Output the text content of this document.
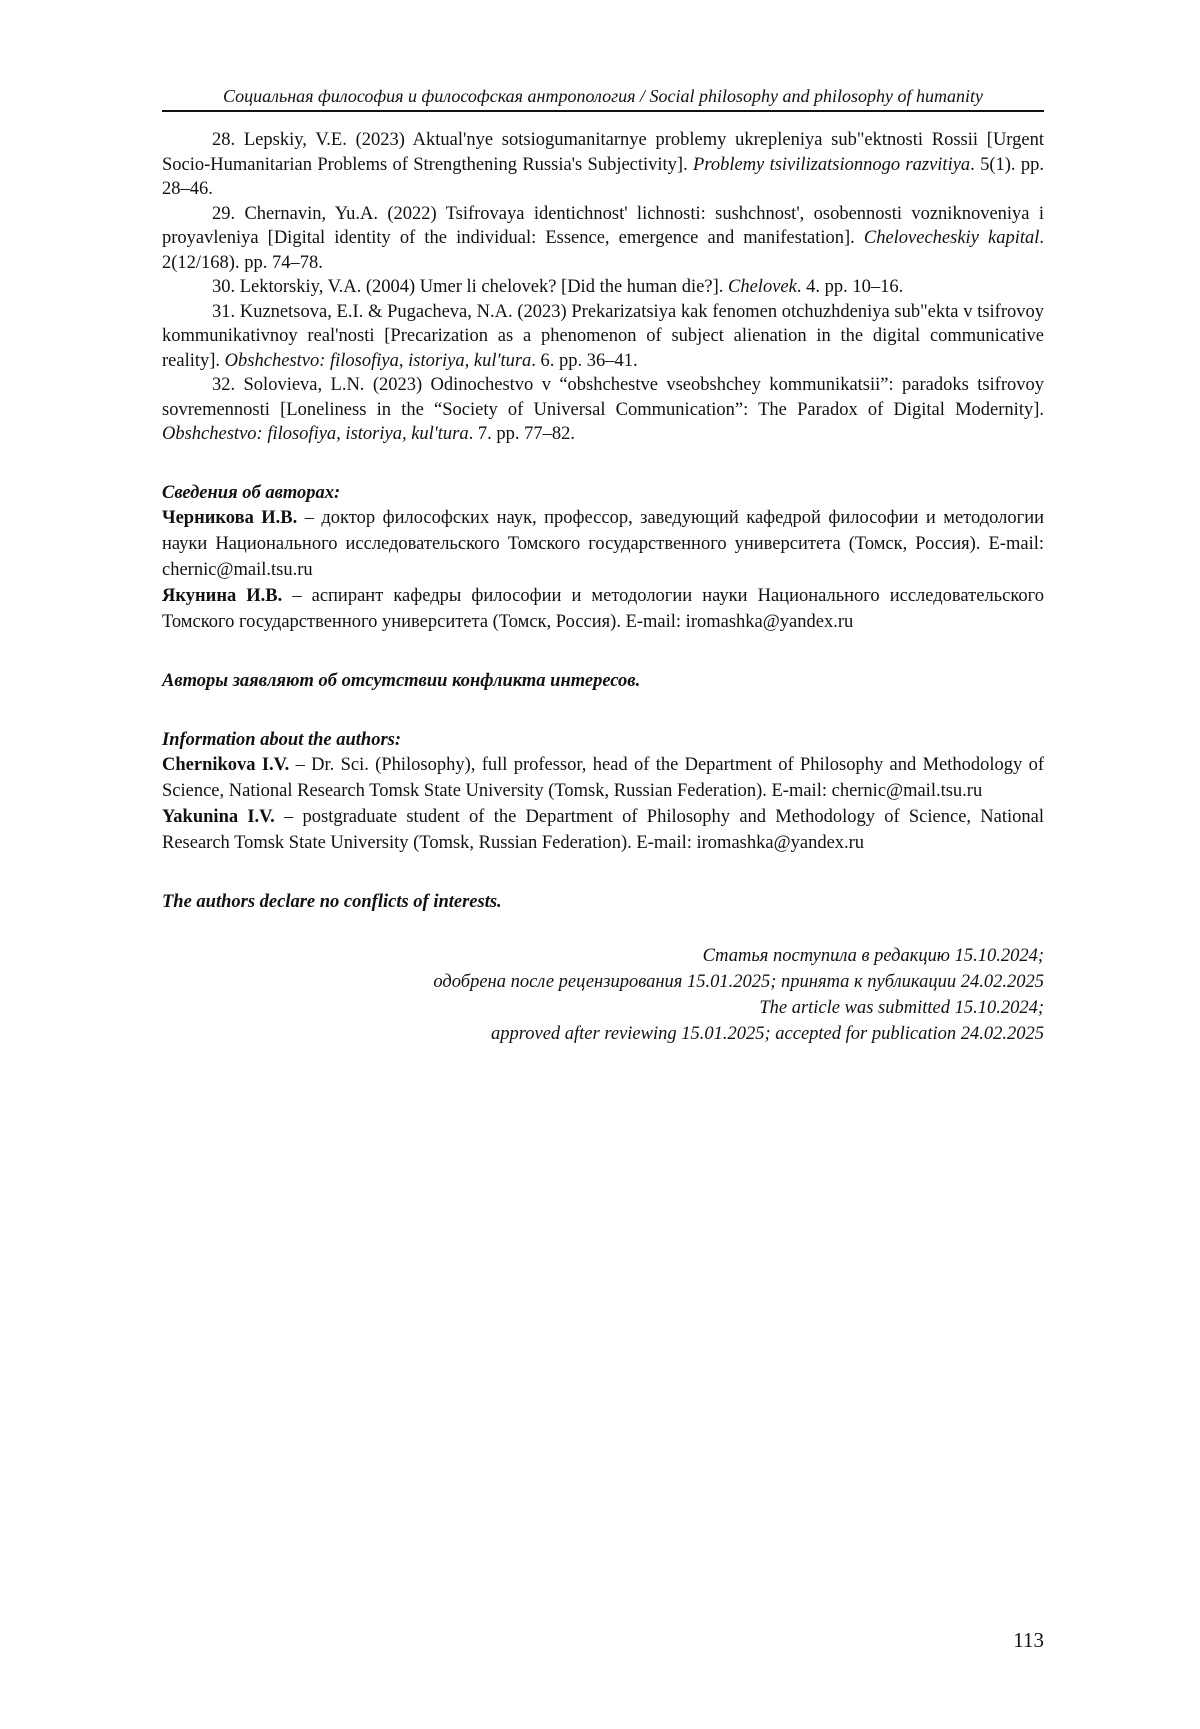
Социальная философия и философская антропология / Social philosophy and philosophy of humanity

28. Lepskiy, V.E. (2023) Aktual'nye sotsiogumanitarnye problemy ukrepleniya sub"ektnosti Rossii [Urgent Socio-Humanitarian Problems of Strengthening Russia's Subjectivity]. Problemy tsivilizatsionnogo razvitiya. 5(1). pp. 28–46.

29. Chernavin, Yu.A. (2022) Tsifrovaya identichnost' lichnosti: sushchnost', osobennosti vozniknoveniya i proyavleniya [Digital identity of the individual: Essence, emergence and manifestation]. Chelovecheskiy kapital. 2(12/168). pp. 74–78.

30. Lektorskiy, V.A. (2004) Umer li chelovek? [Did the human die?]. Chelovek. 4. pp. 10–16.

31. Kuznetsova, E.I. & Pugacheva, N.A. (2023) Prekarizatsiya kak fenomen otchuzhdeniya sub"ekta v tsifrovoy kommunikativnoy real'nosti [Precarization as a phenomenon of subject alienation in the digital communicative reality]. Obshchestvo: filosofiya, istoriya, kul'tura. 6. pp. 36–41.

32. Solovieva, L.N. (2023) Odinochestvo v “obshchestve vseobshchey kommunikatsii”: paradoks tsifrovoy sovremennosti [Loneliness in the “Society of Universal Communication”: The Paradox of Digital Modernity]. Obshchestvo: filosofiya, istoriya, kul'tura. 7. pp. 77–82.

Сведения об авторах:

Черникова И.В. – доктор философских наук, профессор, заведующий кафедрой философии и методологии науки Национального исследовательского Томского государственного университета (Томск, Россия). E-mail: chernic@mail.tsu.ru

Якунина И.В. – аспирант кафедры философии и методологии науки Национального исследовательского Томского государственного университета (Томск, Россия). E-mail: iromashka@yandex.ru

Авторы заявляют об отсутствии конфликта интересов.
Information about the authors:

Chernikova I.V. – Dr. Sci. (Philosophy), full professor, head of the Department of Philosophy and Methodology of Science, National Research Tomsk State University (Tomsk, Russian Federation). E-mail: chernic@mail.tsu.ru

Yakunina I.V. – postgraduate student of the Department of Philosophy and Methodology of Science, National Research Tomsk State University (Tomsk, Russian Federation). E-mail: iromashka@yandex.ru

The authors declare no conflicts of interests.
Статья поступила в редакцию 15.10.2024;
одобрена после рецензирования 15.01.2025; принята к публикации 24.02.2025
The article was submitted 15.10.2024;
approved after reviewing 15.01.2025; accepted for publication 24.02.2025
113
